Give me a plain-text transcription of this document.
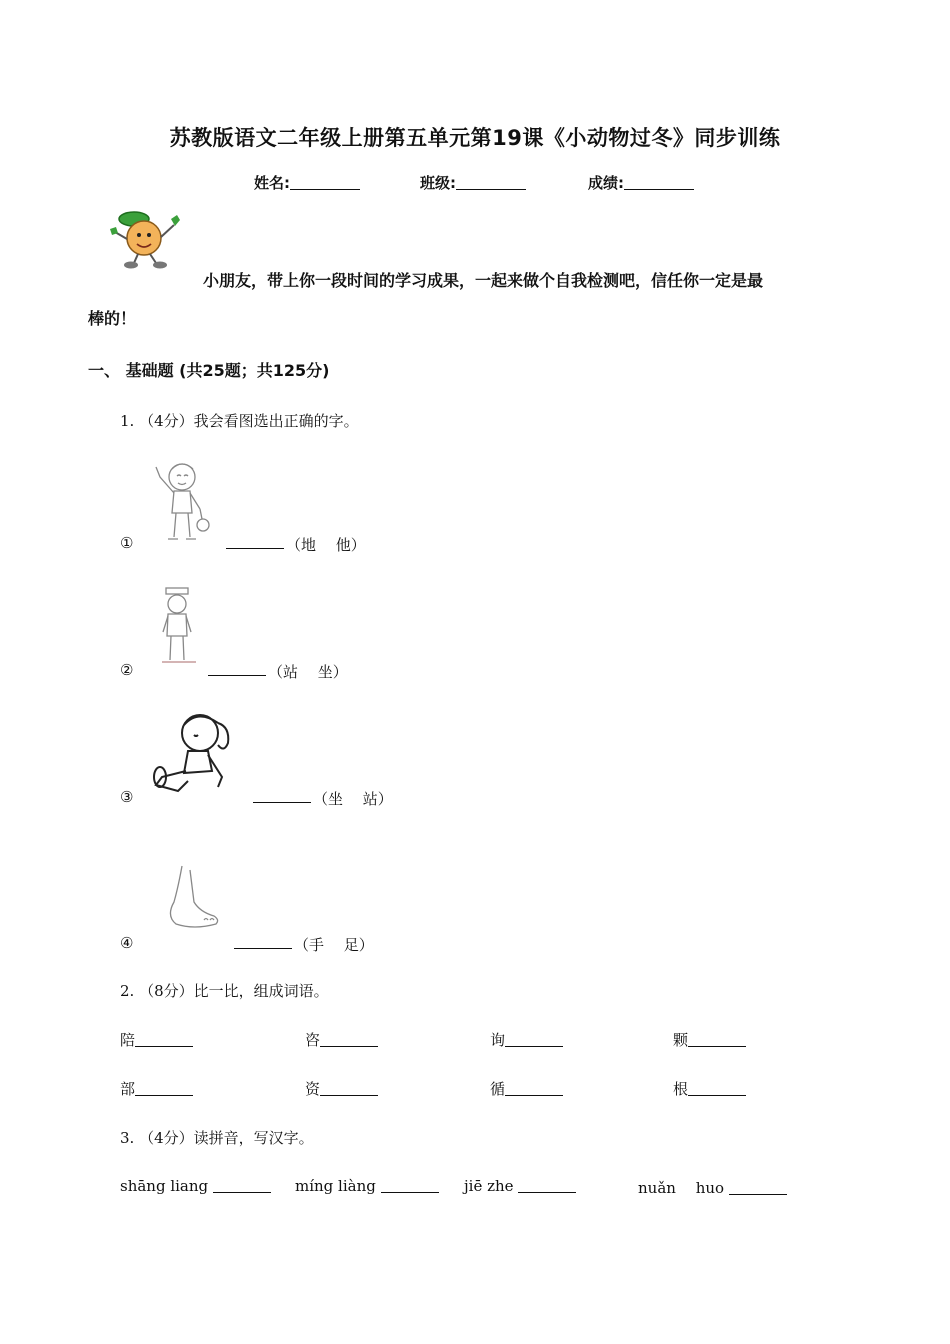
苏教版语文二年级上册第五单元第19课《小动物过冬》同步训练
姓名:	班级:	成绩:
小朋友，带上你一段时间的学习成果，一起来做个自我检测吧，信任你一定是最
棒的！
一、 基础题 (共25题；共125分)
1. （4分）我会看图选出正确的字。
①	（地　 他）
②	（站　 坐）
③	（坐　 站）
④	（手　 足）
2. （8分）比一比，组成词语。
陪	咨	询	颗
部	资	循	根
3. （4分）读拼音，写汉字。
shāng liang	míng liàng	jiē zhe	nuǎn　 huo
